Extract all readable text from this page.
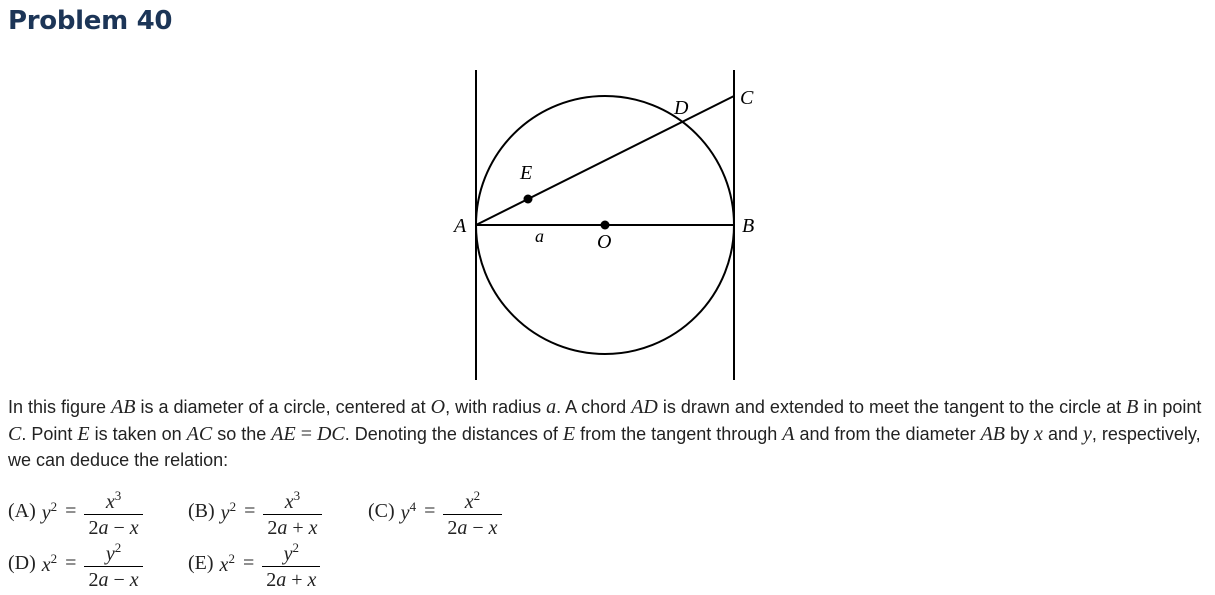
Problem 40
A	B
C
D
E
O
a

In this figure AB is a diameter of a circle, centered at O, with radius a. A chord AD is drawn and extended to meet the tangent to the circle at B in point C. Point E is taken on AC so the AE = DC. Denoting the distances of E from the tangent through A and from the diameter AB by x and y, respectively, we can deduce the relation:

(A) $y^2 = \frac{x^3}{2a - x} (B) y^2 = \frac{x^3}{2a + x} (C) y^4 = \frac{x^2}{2a - x}$
(D) $x^2 = \frac{y^2}{2a - x} (E) x^2 = \frac{y^2}{2a + x}$
